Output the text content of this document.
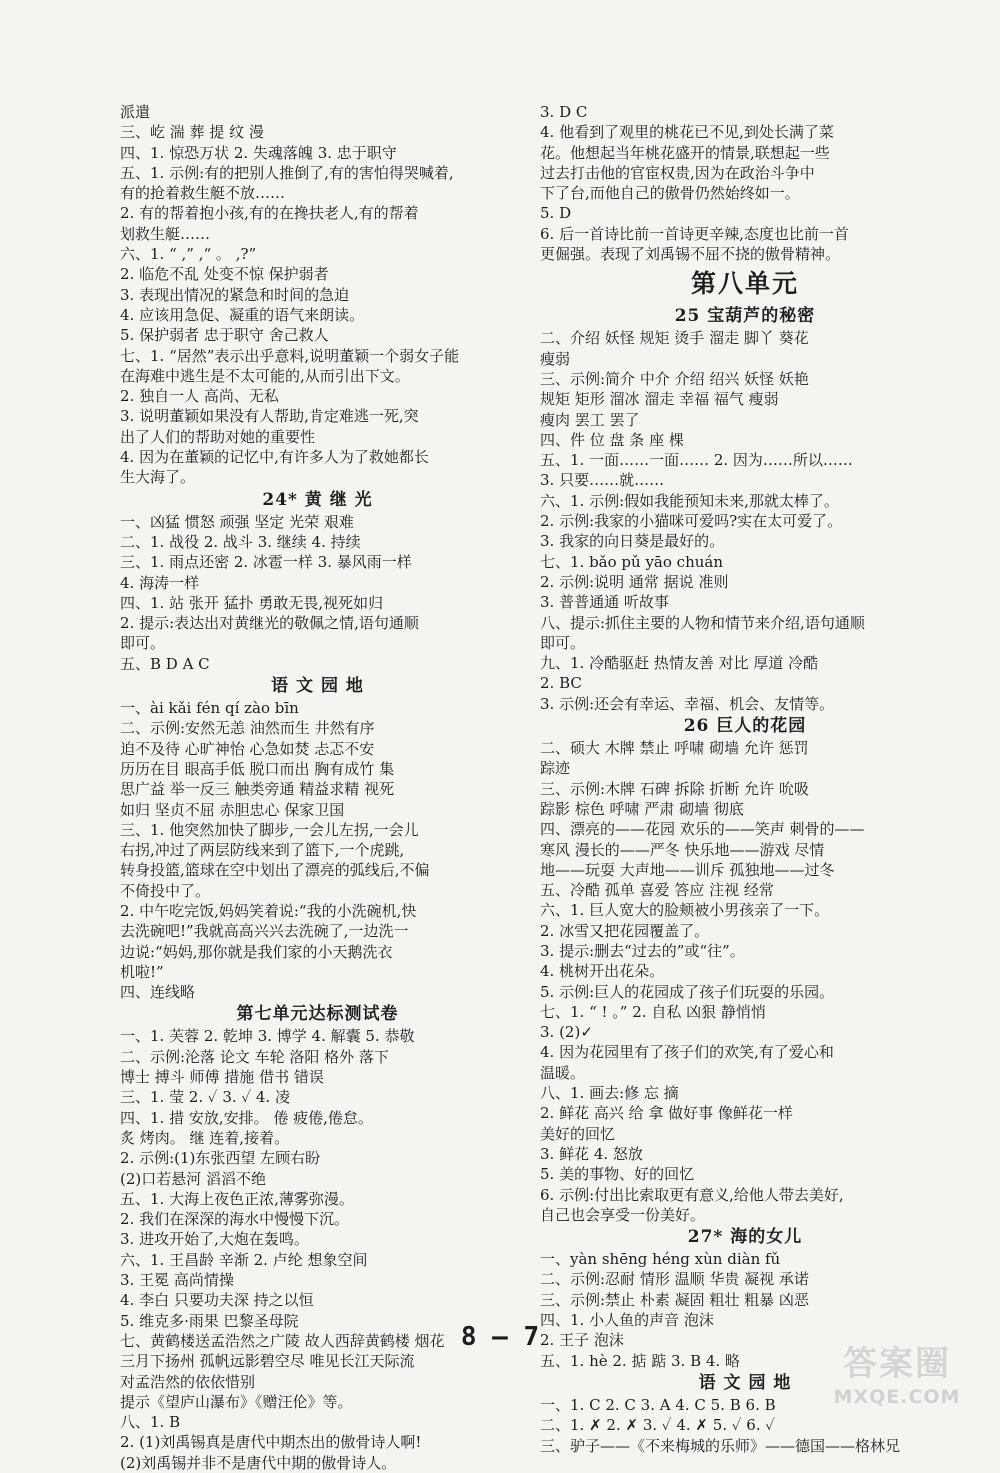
派遣
三、屹 湍 葬 提 纹 漫
四、1. 惊恐万状 2. 失魂落魄 3. 忠于职守
五、1. 示例:有的把别人推倒了,有的害怕得哭喊着,
有的抢着救生艇不放……
2. 有的帮着抱小孩,有的在搀扶老人,有的帮着
划救生艇……
六、1. “ ,” ,“ 。 ,?”
2. 临危不乱 处变不惊 保护弱者
3. 表现出情况的紧急和时间的急迫
4. 应该用急促、凝重的语气来朗读。
5. 保护弱者 忠于职守 舍己救人
七、1. “居然”表示出乎意料,说明董颖一个弱女子能
在海难中逃生是不太可能的,从而引出下文。
2. 独自一人 高尚、无私
3. 说明董颖如果没有人帮助,肯定难逃一死,突
出了人们的帮助对她的重要性
4. 因为在董颖的记忆中,有许多人为了救她都长
生大海了。
24* 黄 继 光
一、凶猛 惯怒 顽强 坚定 光荣 艰难
二、1. 战役 2. 战斗 3. 继续 4. 持续
三、1. 雨点还密 2. 冰雹一样 3. 暴风雨一样
4. 海涛一样
四、1. 站 张开 猛扑 勇敢无畏,视死如归
2. 提示:表达出对黄继光的敬佩之情,语句通顺
即可。
五、B D A C
语 文 园 地
一、ài kǎi fén qí zào bīn
二、示例:安然无恙 油然而生 井然有序
迫不及待 心旷神怡 心急如焚 忐忑不安
历历在目 眼高手低 脱口而出 胸有成竹 集
思广益 举一反三 触类旁通 精益求精 视死
如归 坚贞不屈 赤胆忠心 保家卫国
三、1. 他突然加快了脚步,一会儿左拐,一会儿
右拐,冲过了两层防线来到了篮下,一个虎跳,
转身投篮,篮球在空中划出了漂亮的弧线后,不偏
不倚投中了。
2. 中午吃完饭,妈妈笑着说:“我的小洗碗机,快
去洗碗吧!”我就高高兴兴去洗碗了,一边洗一
边说:“妈妈,那你就是我们家的小天鹅洗衣
机啦!”
四、连线略
第七单元达标测试卷
一、1. 芙蓉 2. 乾坤 3. 博学 4. 解囊 5. 恭敬
二、示例:沦落 论文 车轮 洛阳 格外 落下
博士 搏斗 师傅 措施 借书 错误
三、1. 莹 2. ✓ 3. ✓ 4. 凌
四、1. 措 安放,安排。 倦 疲倦,倦怠。
炙 烤肉。 继 连着,接着。
2. 示例:(1)东张西望 左顾右盼
(2)口若悬河 滔滔不绝
五、1. 大海上夜色正浓,薄雾弥漫。
2. 我们在深深的海水中慢慢下沉。
3. 进攻开始了,大炮在轰鸣。
六、1. 王昌龄 辛渐 2. 卢纶 想象空间
3. 王冕 高尚情操
4. 李白 只要功夫深 持之以恒
5. 维克多·雨果 巴黎圣母院
七、黄鹤楼送孟浩然之广陵 故人西辞黄鹤楼 烟花
三月下扬州 孤帆远影碧空尽 唯见长江天际流
对孟浩然的依依惜别
提示《望庐山瀑布》《赠汪伦》等。
八、1. B
2. (1)刘禹锡真是唐代中期杰出的傲骨诗人啊!
(2)刘禹锡并非不是唐代中期的傲骨诗人。
3. D C
4. 他看到了观里的桃花已不见,到处长满了菜
花。他想起当年桃花盛开的情景,联想起一些
过去打击他的官宦权贵,因为在政治斗争中
下了台,而他自己的傲骨仍然始终如一。
5. D
6. 后一首诗比前一首诗更辛辣,态度也比前一首
更倔强。表现了刘禹锡不屈不挠的傲骨精神。
第八单元
25 宝葫芦的秘密
二、介绍 妖怪 规矩 烫手 溜走 脚丫 葵花
瘦弱
三、示例:简介 中介 介绍 绍兴 妖怪 妖艳
规矩 矩形 溜冰 溜走 幸福 福气 瘦弱
瘦肉 罢工 罢了
四、件 位 盘 条 座 棵
五、1. 一面……一面…… 2. 因为……所以……
3. 只要……就……
六、1. 示例:假如我能预知未来,那就太棒了。
2. 示例:我家的小猫咪可爱吗?实在太可爱了。
3. 我家的向日葵是最好的。
七、1. bǎo pǔ yāo chuán
2. 示例:说明 通常 据说 准则
3. 普普通通 听故事
八、提示:抓住主要的人物和情节来介绍,语句通顺
即可。
九、1. 冷酷驱赶 热情友善 对比 厚道 冷酷
2. BC
3. 示例:还会有幸运、幸福、机会、友情等。
26 巨人的花园
二、硕大 木牌 禁止 呼啸 砌墙 允许 惩罚
踪迹
三、示例:木牌 石碑 拆除 折断 允许 吮吸
踪影 棕色 呼啸 严肃 砌墙 彻底
四、漂亮的——花园 欢乐的——笑声 刺骨的——
寒风 漫长的——严冬 快乐地——游戏 尽情
地——玩耍 大声地——训斥 孤独地——过冬
五、冷酷 孤单 喜爱 答应 注视 经常
六、1. 巨人宽大的脸颊被小男孩亲了一下。
2. 冰雪又把花园覆盖了。
3. 提示:删去“过去的”或“往”。
4. 桃树开出花朵。
5. 示例:巨人的花园成了孩子们玩耍的乐园。
七、1. “ ! 。” 2. 自私 凶狠 静悄悄
3. (2)✓
4. 因为花园里有了孩子们的欢笑,有了爱心和
温暖。
八、1. 画去:修 忘 摘
2. 鲜花 高兴 给 拿 做好事 像鲜花一样
美好的回忆
3. 鲜花 4. 怒放
5. 美的事物、好的回忆
6. 示例:付出比索取更有意义,给他人带去美好,
自己也会享受一份美好。
27* 海的女儿
一、yàn shēng héng xùn diàn fǔ
二、示例:忍耐 情形 温顺 华贵 凝视 承诺
三、示例:禁止 朴素 凝固 粗壮 粗暴 凶恶
四、1. 小人鱼的声音 泡沫
2. 王子 泡沫
五、1. hè 2. 掂 踮 3. B 4. 略
语 文 园 地
一、1. C 2. C 3. A 4. C 5. B 6. B
二、1. ✗ 2. ✗ 3. ✓ 4. ✗ 5. ✓ 6. ✓
三、驴子——《不来梅城的乐师》——德国——格林兄
8 — 7
答案圈
MXQE.COM
